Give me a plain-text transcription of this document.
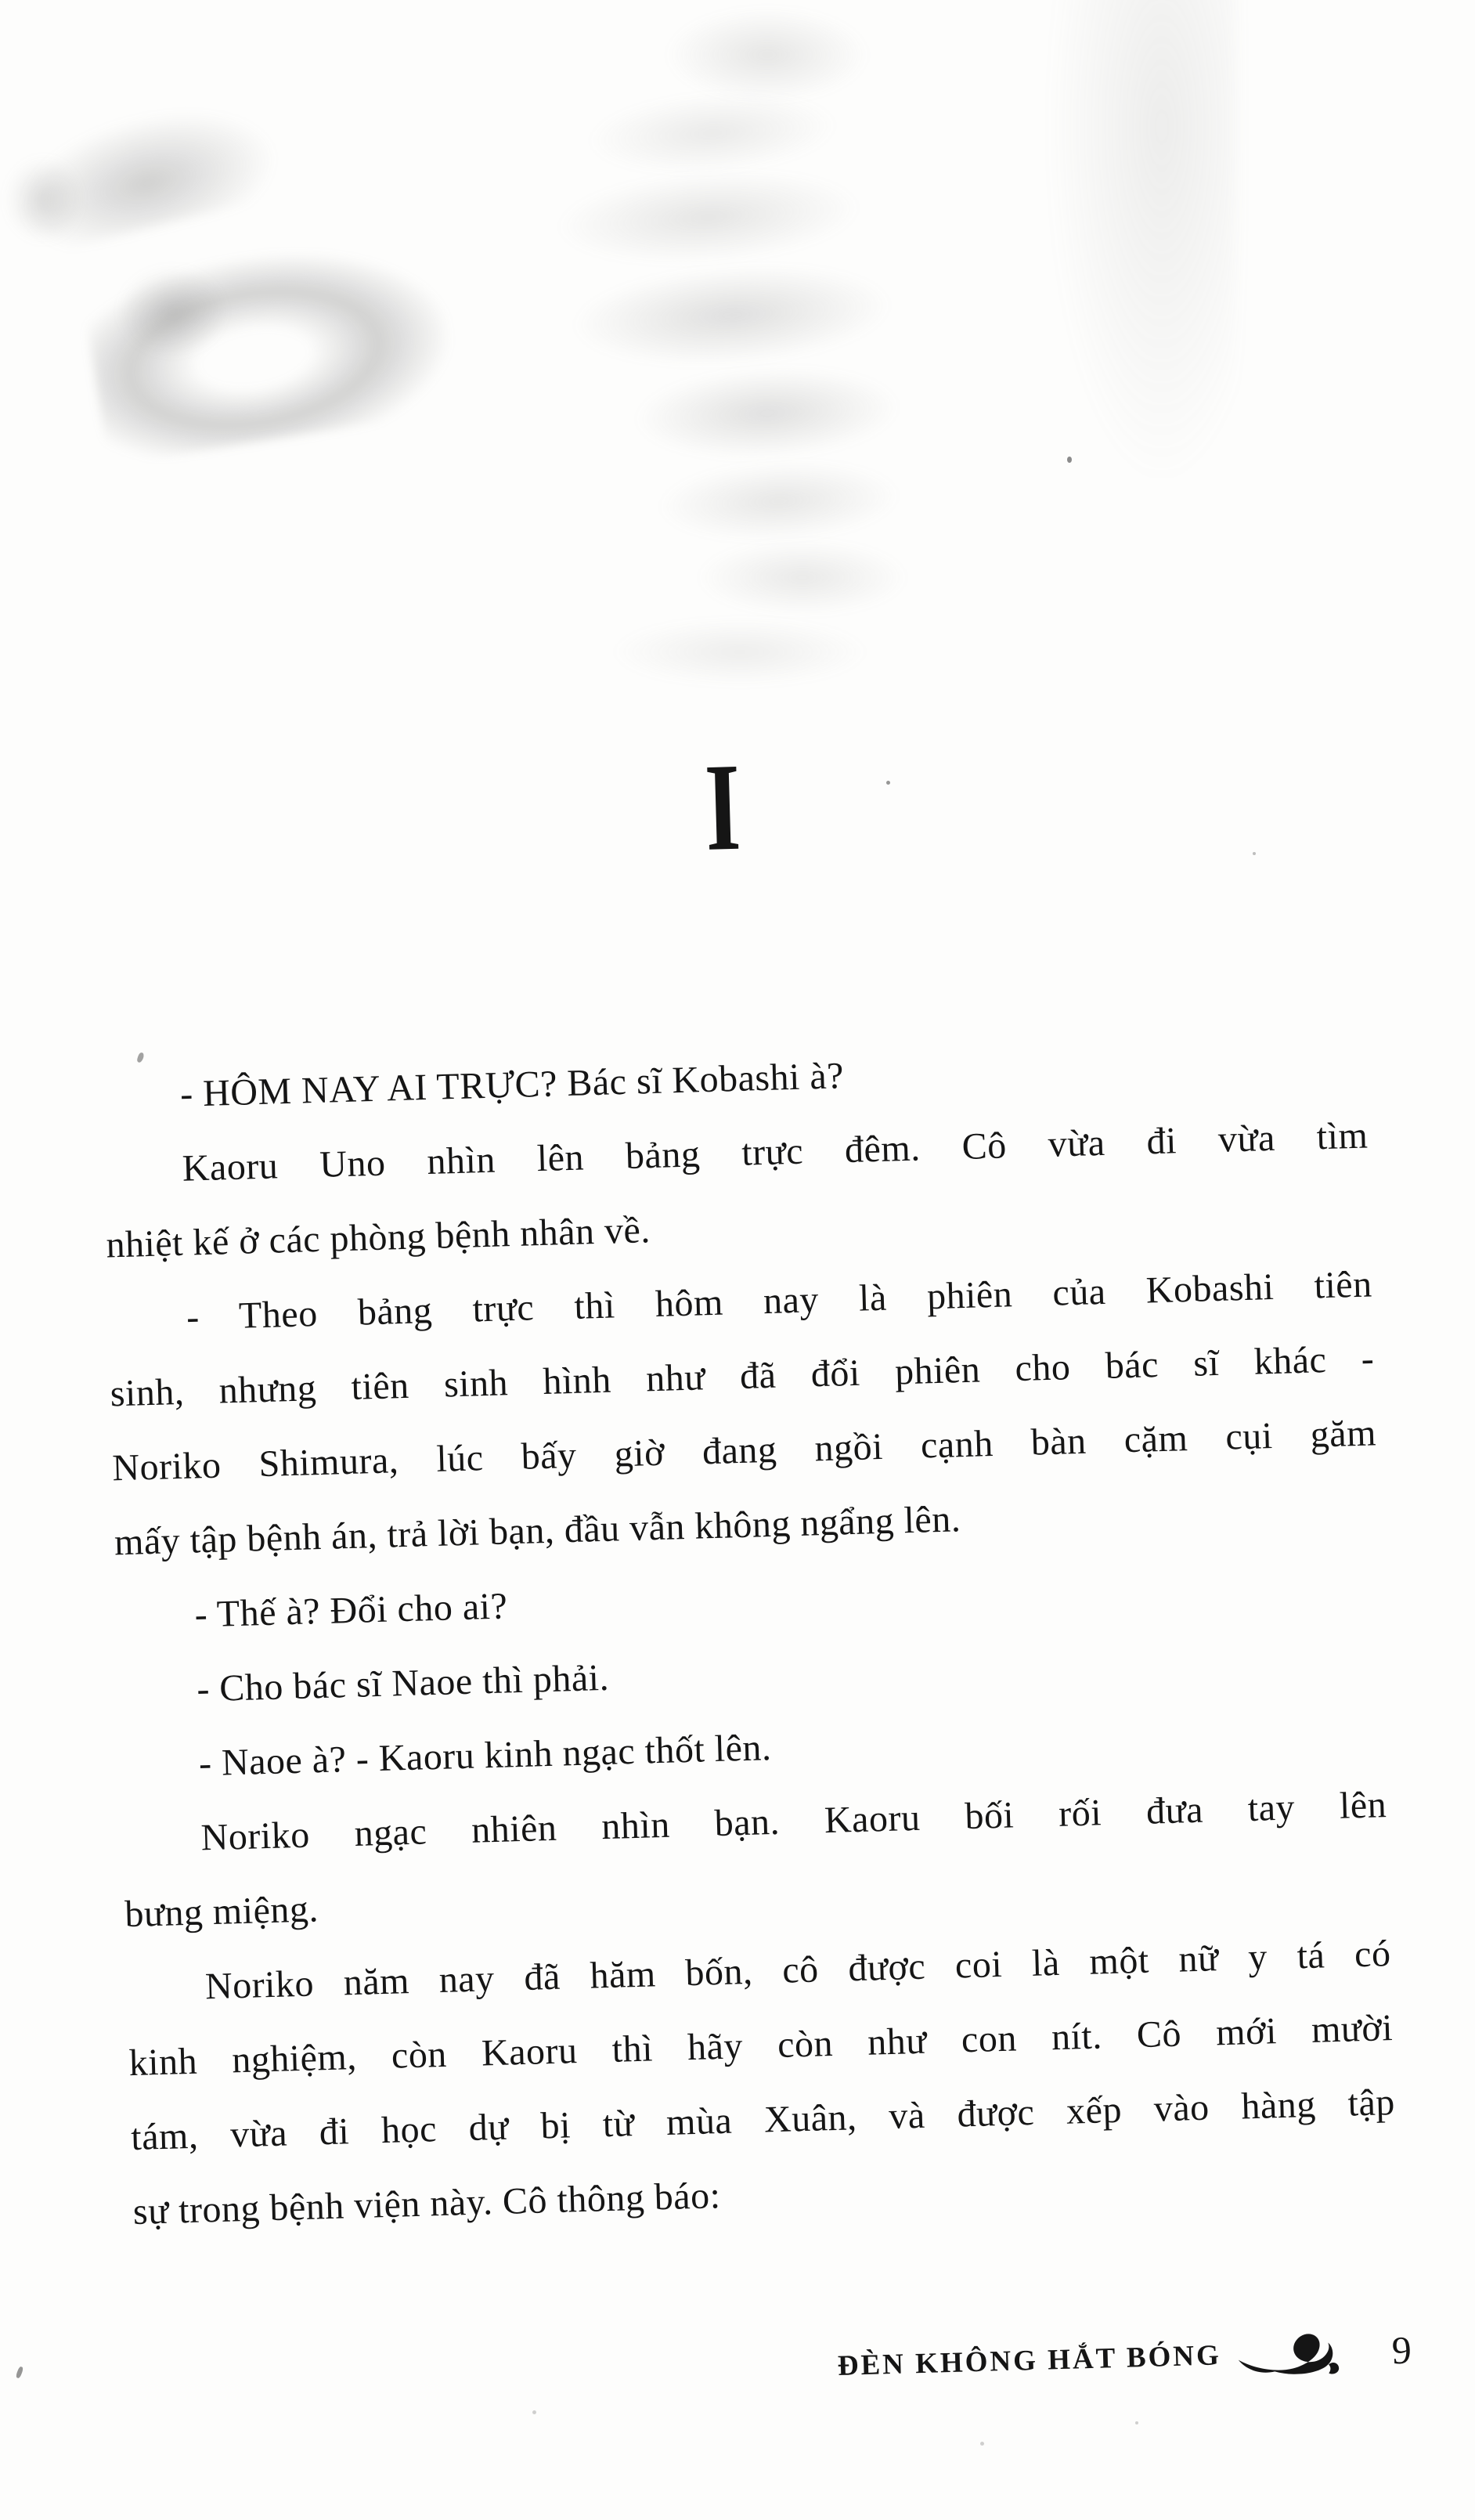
I
- HÔM NAY AI TRỰC? Bác sĩ Kobashi à?
Kaoru Uno nhìn lên bảng trực đêm. Cô vừa đi vừa tìm
nhiệt kế ở các phòng bệnh nhân về.
- Theo bảng trực thì hôm nay là phiên của Kobashi tiên
sinh, nhưng tiên sinh hình như đã đổi phiên cho bác sĩ khác -
Noriko Shimura, lúc bấy giờ đang ngồi cạnh bàn cặm cụi găm
mấy tập bệnh án, trả lời bạn, đầu vẫn không ngẩng lên.
- Thế à? Đổi cho ai?
- Cho bác sĩ Naoe thì phải.
- Naoe à? - Kaoru kinh ngạc thốt lên.
Noriko ngạc nhiên nhìn bạn. Kaoru bối rối đưa tay lên
bưng miệng.
Noriko năm nay đã hăm bốn, cô được coi là một nữ y tá có
kinh nghiệm, còn Kaoru thì hãy còn như con nít. Cô mới mười
tám, vừa đi học dự bị từ mùa Xuân, và được xếp vào hàng tập
sự trong bệnh viện này. Cô thông báo:
ĐÈN KHÔNG HẮT BÓNG	9
